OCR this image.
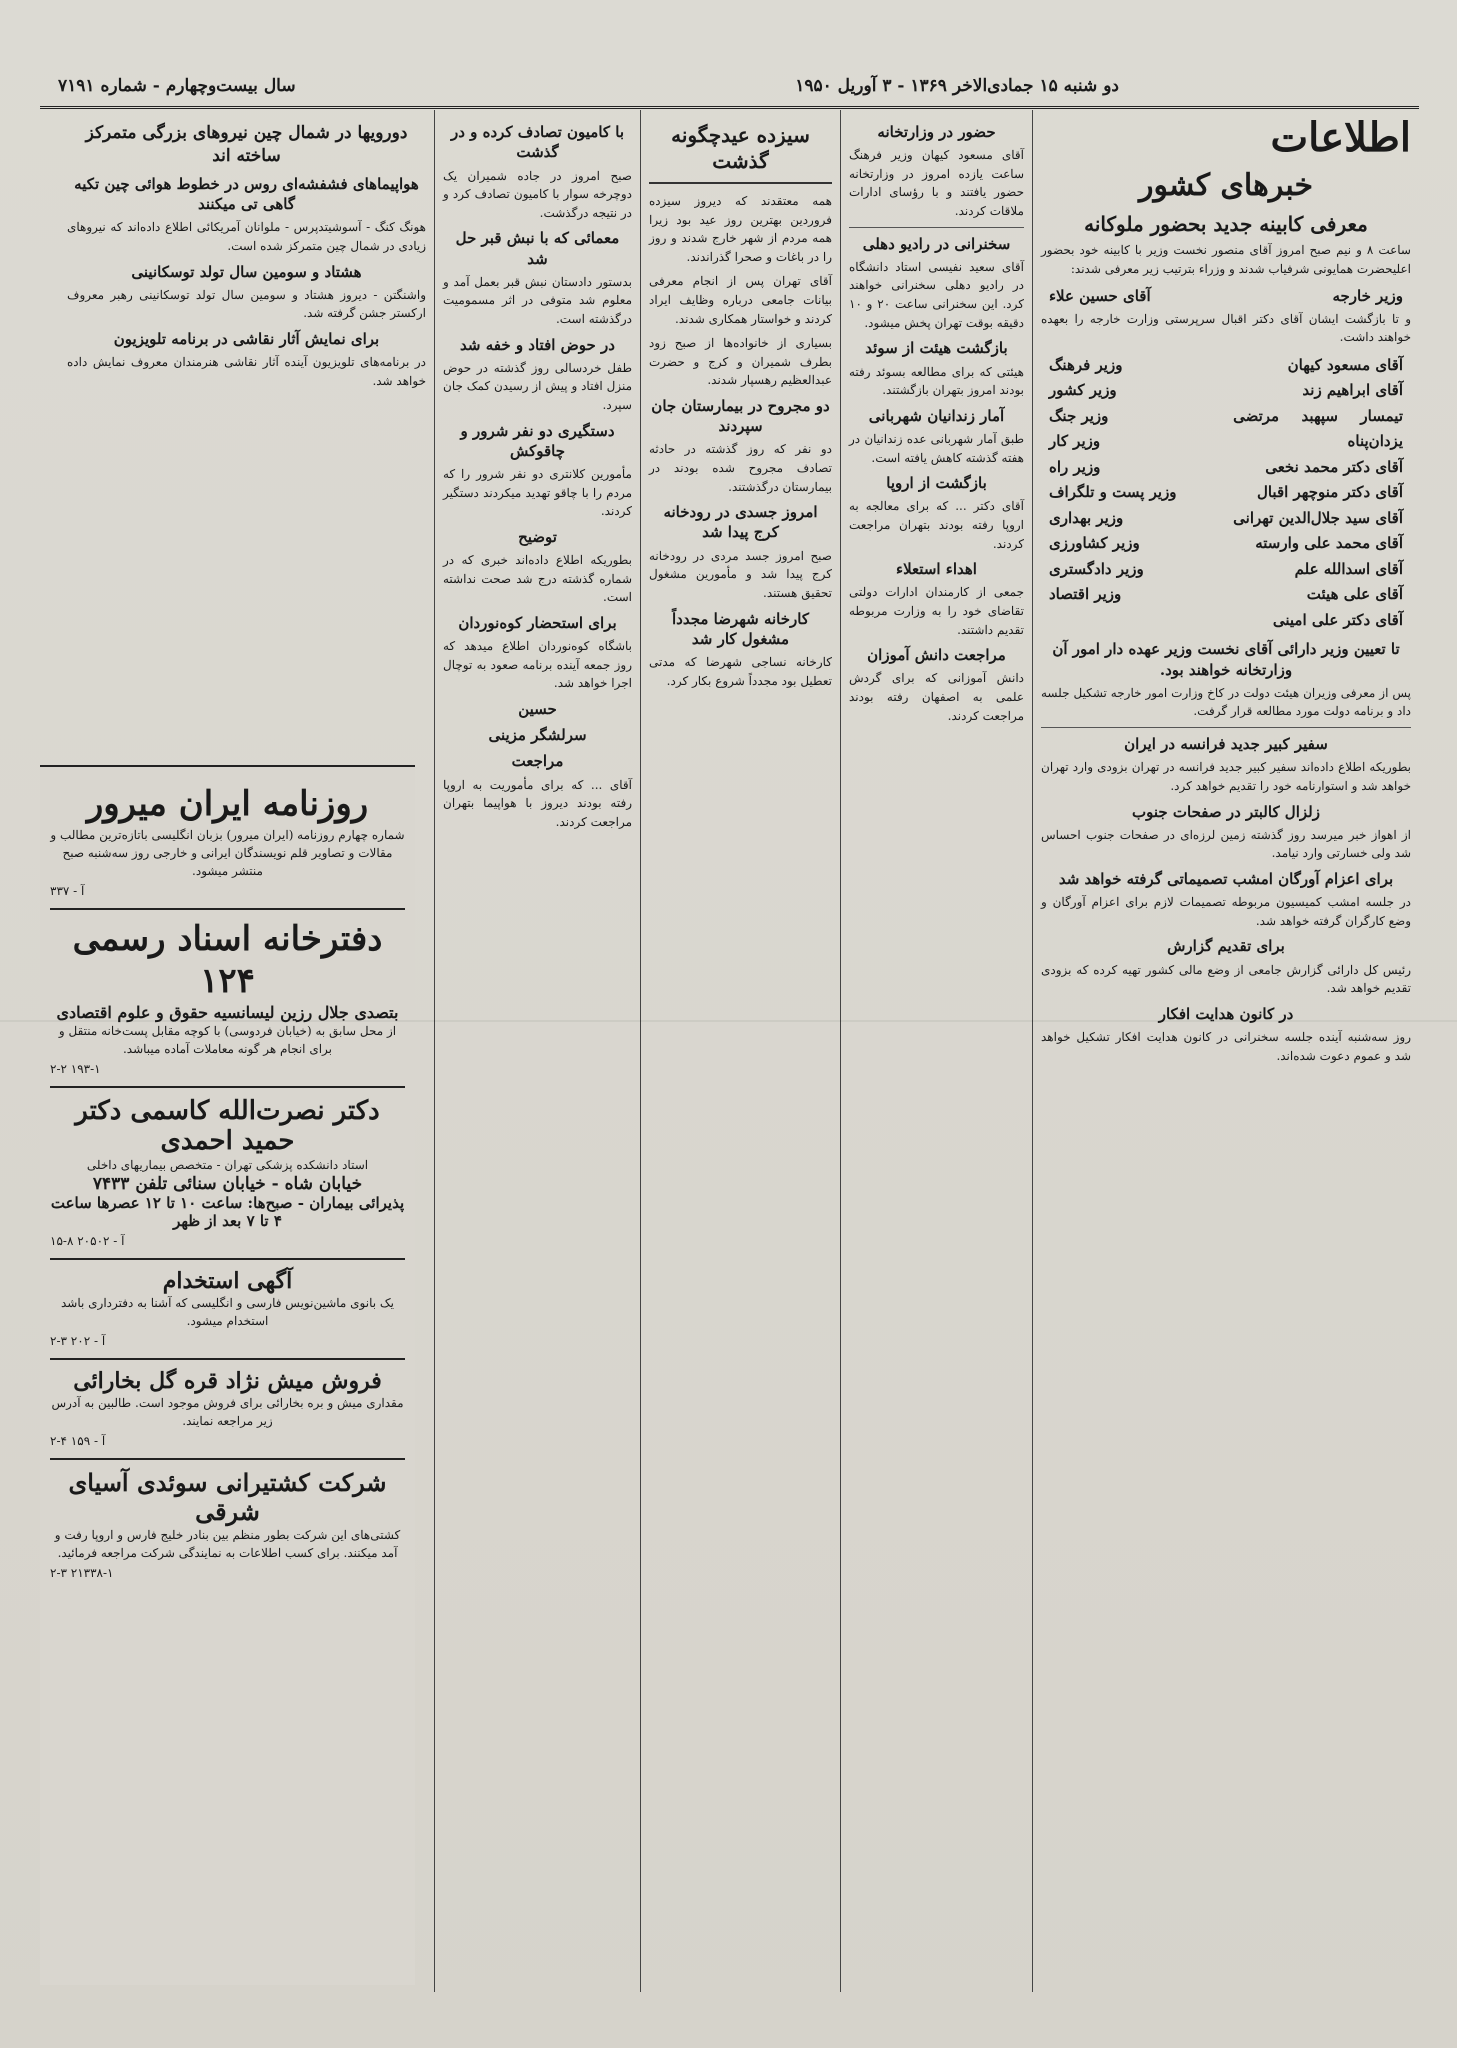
دو شنبه ۱۵ جمادی‌الاخر ۱۳۶۹ - ۳ آوریل ۱۹۵۰
سال بیست‌وچهارم - شماره ۷۱۹۱
اطلاعات
خبرهای کشور
معرفی کابینه جدید بحضور ملوکانه

ساعت ۸ و نیم صبح امروز آقای منصور نخست وزیر با کابینه خود بحضور اعلیحضرت همایونی شرفیاب شدند و وزراء بترتیب زیر معرفی شدند:

وزیر خارجه
آقای حسین علاء

و تا بازگشت ایشان آقای دکتر اقبال سرپرستی وزارت خارجه را بعهده خواهند داشت.

آقای مسعود کیهان
آقای ابراهیم زند
تیمسار سپهبد مرتضی یزدان‌پناه
آقای دکتر محمد نخعی
آقای دکتر منوچهر اقبال
آقای سید جلال‌الدین تهرانی
آقای محمد علی وارسته
آقای اسدالله علم
آقای علی هیئت
آقای دکتر علی امینی
وزیر فرهنگ
وزیر کشور
وزیر جنگ
وزیر کار
وزیر راه
وزیر پست و تلگراف
وزیر بهداری
وزیر کشاورزی
وزیر دادگستری
وزیر اقتصاد
تا تعیین وزیر دارائی آقای نخست وزیر عهده دار امور آن وزارتخانه خواهند بود.

پس از معرفی وزیران هیئت دولت در کاخ وزارت امور خارجه تشکیل جلسه داد و برنامه دولت مورد مطالعه قرار گرفت.

سفیر کبیر جدید فرانسه در ایران

بطوریکه اطلاع داده‌اند سفیر کبیر جدید فرانسه در تهران بزودی وارد تهران خواهد شد و استوارنامه خود را تقدیم خواهد کرد.

زلزال کالبتر در صفحات جنوب

از اهواز خبر میرسد روز گذشته زمین لرزه‌ای در صفحات جنوب احساس شد ولی خسارتی وارد نیامد.

برای اعزام آورگان امشب تصمیماتی گرفته خواهد شد

در جلسه امشب کمیسیون مربوطه تصمیمات لازم برای اعزام آورگان و وضع کارگران گرفته خواهد شد.

برای تقدیم گزارش

رئیس کل دارائی گزارش جامعی از وضع مالی کشور تهیه کرده که بزودی تقدیم خواهد شد.

در کانون هدایت افکار

روز سه‌شنبه آینده جلسه سخنرانی در کانون هدایت افکار تشکیل خواهد شد و عموم دعوت شده‌اند.

حضور در وزارتخانه

آقای مسعود کیهان وزیر فرهنگ ساعت یازده امروز در وزارتخانه حضور یافتند و با رؤسای ادارات ملاقات کردند.

سخنرانی در رادیو دهلی

آقای سعید نفیسی استاد دانشگاه در رادیو دهلی سخنرانی خواهند کرد. این سخنرانی ساعت ۲۰ و ۱۰ دقیقه بوقت تهران پخش میشود.

بازگشت هیئت از سوئد

هیئتی که برای مطالعه بسوئد رفته بودند امروز بتهران بازگشتند.

آمار زندانیان شهربانی

طبق آمار شهربانی عده زندانیان در هفته گذشته کاهش یافته است.

بازگشت از اروپا

آقای دکتر ... که برای معالجه به اروپا رفته بودند بتهران مراجعت کردند.

اهداء استعلاء

جمعی از کارمندان ادارات دولتی تقاضای خود را به وزارت مربوطه تقدیم داشتند.

مراجعت دانش آموزان

دانش آموزانی که برای گردش علمی به اصفهان رفته بودند مراجعت کردند.

سیزده عیدچگونه گذشت

همه معتقدند که دیروز سیزده فروردین بهترین روز عید بود زیرا همه مردم از شهر خارج شدند و روز را در باغات و صحرا گذراندند.

آقای تهران پس از انجام معرفی بیانات جامعی درباره وظایف ایراد کردند و خواستار همکاری شدند.

بسیاری از خانواده‌ها از صبح زود بطرف شمیران و کرج و حضرت عبدالعظیم رهسپار شدند.

دو مجروح در بیمارستان جان سپردند

دو نفر که روز گذشته در حادثه تصادف مجروح شده بودند در بیمارستان درگذشتند.

امروز جسدی در رودخانه کرج پیدا شد

صبح امروز جسد مردی در رودخانه کرج پیدا شد و مأمورین مشغول تحقیق هستند.

کارخانه شهرضا مجدداً مشغول کار شد

کارخانه نساجی شهرضا که مدتی تعطیل بود مجدداً شروع بکار کرد.

با کامیون تصادف کرده و در گذشت

صبح امروز در جاده شمیران یک دوچرخه سوار با کامیون تصادف کرد و در نتیجه درگذشت.

معمائی که با نبش قبر حل شد

بدستور دادستان نبش قبر بعمل آمد و معلوم شد متوفی در اثر مسمومیت درگذشته است.

در حوض افتاد و خفه شد

طفل خردسالی روز گذشته در حوض منزل افتاد و پیش از رسیدن کمک جان سپرد.

دستگیری دو نفر شرور و چاقوکش

مأمورین کلانتری دو نفر شرور را که مردم را با چاقو تهدید میکردند دستگیر کردند.

توضیح

بطوریکه اطلاع داده‌اند خبری که در شماره گذشته درج شد صحت نداشته است.

برای استحضار کوه‌نوردان

باشگاه کوه‌نوردان اطلاع میدهد که روز جمعه آینده برنامه صعود به توچال اجرا خواهد شد.

حسین
سرلشگر مزینی
مراجعت

آقای ... که برای مأموریت به اروپا رفته بودند دیروز با هواپیما بتهران مراجعت کردند.

دورویها در شمال چین نیروهای بزرگی متمرکز ساخته اند
هواپیماهای فشفشه‌ای روس در خطوط هوائی چین تکیه گاهی تی میکنند

هونگ کنگ - آسوشیتدپرس - ملوانان آمریکائی اطلاع داده‌اند که نیروهای زیادی در شمال چین متمرکز شده است.

هشتاد و سومین سال تولد توسکانینی

واشنگتن - دیروز هشتاد و سومین سال تولد توسکانینی رهبر معروف ارکستر جشن گرفته شد.

برای نمایش آثار نقاشی در برنامه تلویزیون

در برنامه‌های تلویزیون آینده آثار نقاشی هنرمندان معروف نمایش داده خواهد شد.

روزنامه ایران میرور
شماره چهارم روزنامه (ایران میرور) بزبان انگلیسی باتازه‌ترین مطالب و مقالات و تصاویر قلم نویسندگان ایرانی و خارجی روز سه‌شنبه صبح منتشر میشود.
آ - ۳۳۷
دفترخانه اسناد رسمی ۱۲۴
بتصدی جلال رزین لیسانسیه حقوق و علوم اقتصادی
از محل سابق به (خیابان فردوسی) با کوچه مقابل پست‌خانه منتقل و برای انجام هر گونه معاملات آماده میباشد.
۲-۲ ۱۹۳-۱
دکتر نصرت‌الله کاسمی دکتر حمید احمدی
استاد دانشکده پزشکی تهران - متخصص بیماریهای داخلی
خیابان شاه - خیابان سنائی تلفن ۷۴۳۳
پذیرائی بیماران - صبح‌ها: ساعت ۱۰ تا ۱۲ عصرها ساعت ۴ تا ۷ بعد از ظهر
آ - ۲۰۵۰۲ ۸-۱۵
آگهی استخدام
یک بانوی ماشین‌نویس فارسی و انگلیسی که آشنا به دفترداری باشد استخدام میشود.
آ - ۲۰۲ ۳-۲
فروش میش نژاد قره گل بخارائی
مقداری میش و بره بخارائی برای فروش موجود است. طالبین به آدرس زیر مراجعه نمایند.
آ - ۱۵۹ ۴-۲
شرکت کشتیرانی سوئدی آسیای شرقی
کشتی‌های این شرکت بطور منظم بین بنادر خلیج فارس و اروپا رفت و آمد میکنند. برای کسب اطلاعات به نمایندگی شرکت مراجعه فرمائید.
۲-۳ ۲۱۳۳۸-۱
